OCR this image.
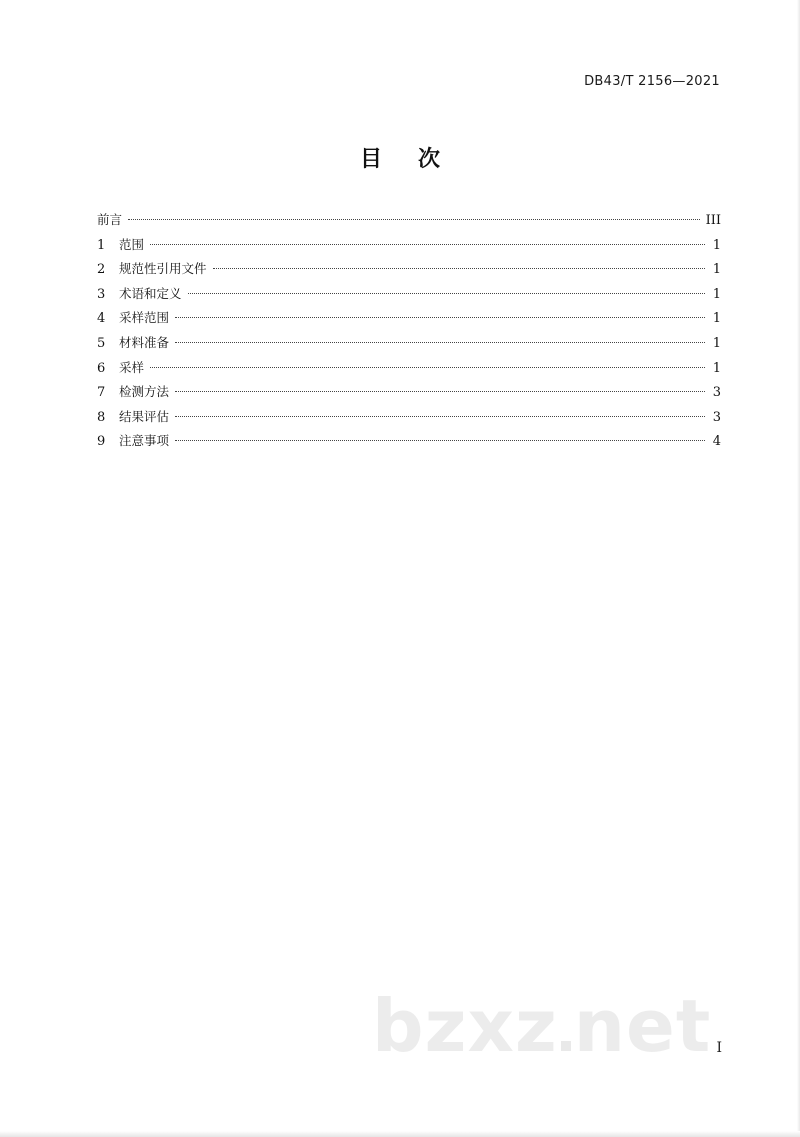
DB43/T 2156—2021
目 次
前言	III
1	范围	1
2	规范性引用文件	1
3	术语和定义	1
4	采样范围	1
5	材料准备	1
6	采样	1
7	检测方法	3
8	结果评估	3
9	注意事项	4
bzxz net I
